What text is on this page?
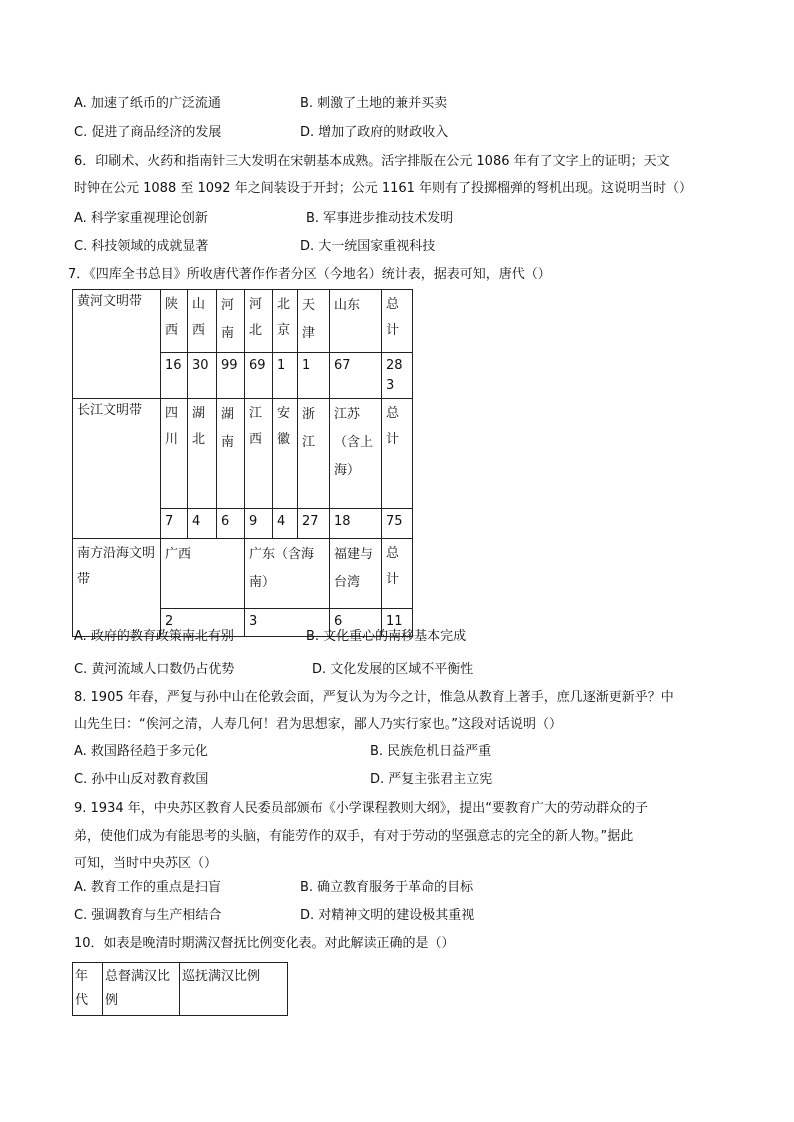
A. 加速了纸币的广泛流通	B. 刺激了土地的兼并买卖
C. 促进了商品经济的发展	D. 增加了政府的财政收入
6．印刷术、火药和指南针三大发明在宋朝基本成熟。活字排版在公元 1086 年有了文字上的证明；天文
时钟在公元 1088 至 1092 年之间装设于开封；公元 1161 年则有了投掷榴弹的弩机出现。这说明当时（）
A. 科学家重视理论创新	B. 军事进步推动技术发明
C. 科技领域的成就显著	D. 大一统国家重视科技
7．《四库全书总目》所收唐代著作作者分区（今地名）统计表，据表可知，唐代（）
黄河文明带	陕西	山西	河南	河北	北京	天津	山东	总计
	16	30	99	69	1	1	67	283
长江文明带	四川	湖北	湖南	江西	安徽	浙江	江苏（含上海）	总计
	7	4	6	9	4	27	18	75
南方沿海文明带	广西			广东（含海南）			福建与台湾	总计
	2			3			6	11
A. 政府的教育政策南北有别	B. 文化重心的南移基本完成
C. 黄河流域人口数仍占优势	D. 文化发展的区域不平衡性
8. 1905 年春，严复与孙中山在伦敦会面，严复认为为今之计，惟急从教育上著手，庶几逐渐更新乎？中
山先生曰：“俟河之清，人寿几何！君为思想家，鄙人乃实行家也。”这段对话说明（）
A. 救国路径趋于多元化	B. 民族危机日益严重
C. 孙中山反对教育救国	D. 严复主张君主立宪
9. 1934 年，中央苏区教育人民委员部颁布《小学课程教则大纲》，提出“要教育广大的劳动群众的子
弟，使他们成为有能思考的头脑，有能劳作的双手，有对于劳动的坚强意志的完全的新人物。”据此
可知，当时中央苏区（）
A. 教育工作的重点是扫盲	B. 确立教育服务于革命的目标
C. 强调教育与生产相结合	D. 对精神文明的建设极其重视
10．如表是晚清时期满汉督抚比例变化表。对此解读正确的是（）
年代	总督满汉比例	巡抚满汉比例
